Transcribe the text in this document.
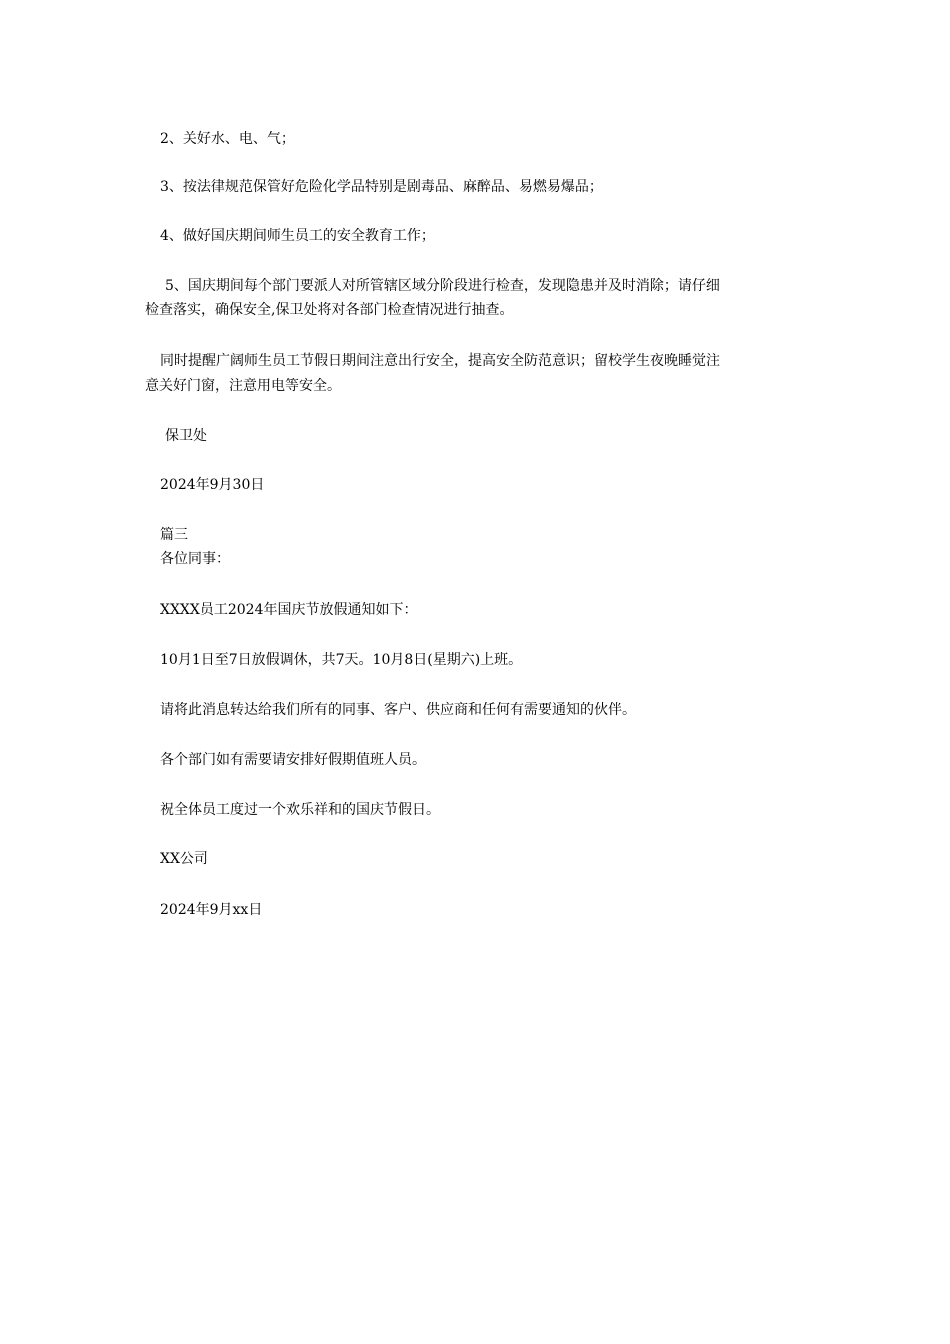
2、关好水、电、气；

3、按法律规范保管好危险化学品特别是剧毒品、麻醉品、易燃易爆品；

4、做好国庆期间师生员工的安全教育工作；

5、国庆期间每个部门要派人对所管辖区域分阶段进行检查，发现隐患并及时消除；请仔细

检查落实，确保安全,保卫处将对各部门检查情况进行抽查。

同时提醒广阔师生员工节假日期间注意出行安全，提高安全防范意识；留校学生夜晚睡觉注

意关好门窗，注意用电等安全。

保卫处

2024年9月30日

篇三

各位同事：

XXXX员工2024年国庆节放假通知如下：

10月1日至7日放假调休，共7天。10月8日(星期六)上班。

请将此消息转达给我们所有的同事、客户、供应商和任何有需要通知的伙伴。

各个部门如有需要请安排好假期值班人员。

祝全体员工度过一个欢乐祥和的国庆节假日。

XX公司

2024年9月xx日
